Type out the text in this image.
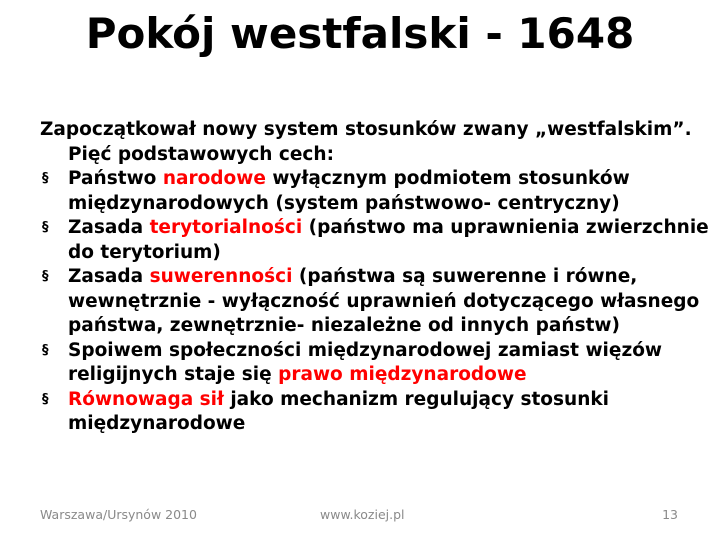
Pokój westfalski - 1648

Zapoczątkował nowy system stosunków zwany „westfalskim”. Pięć podstawowych cech:

§ Państwo narodowe wyłącznym podmiotem stosunków międzynarodowych (system państwowo- centryczny)
§ Zasada terytorialności (państwo ma uprawnienia zwierzchnie do terytorium)
§ Zasada suwerenności (państwa są suwerenne i równe, wewnętrznie - wyłączność uprawnień dotyczącego własnego państwa, zewnętrznie- niezależne od innych państw)
§ Spoiwem społeczności międzynarodowej zamiast więzów religijnych staje się prawo międzynarodowe
§ Równowaga sił jako mechanizm regulujący stosunki międzynarodowe
Warszawa/Ursynów 2010	www.koziej.pl	13
